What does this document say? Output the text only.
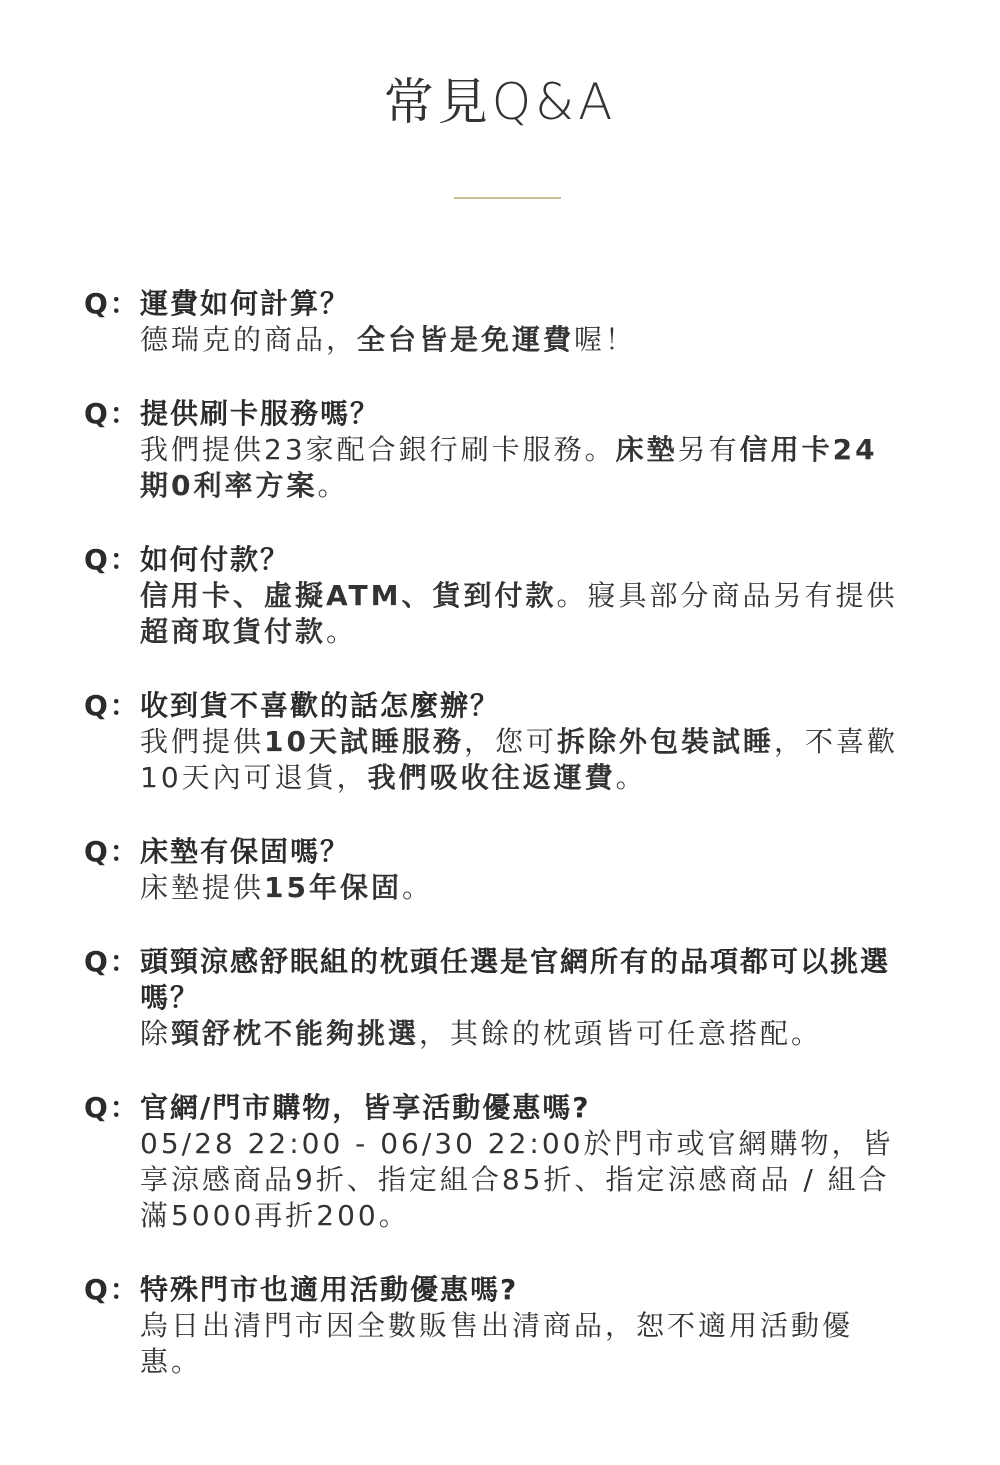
常見Q&A
Q： 運費如何計算？
德瑞克的商品，全台皆是免運費喔！
Q： 提供刷卡服務嗎？
我們提供23家配合銀行刷卡服務。床墊另有信用卡24期0利率方案。
Q： 如何付款？
信用卡、虛擬ATM、貨到付款。寢具部分商品另有提供超商取貨付款。
Q： 收到貨不喜歡的話怎麼辦？
我們提供10天試睡服務，您可拆除外包裝試睡，不喜歡10天內可退貨，我們吸收往返運費。
Q： 床墊有保固嗎？
床墊提供15年保固。
Q： 頭頸涼感舒眠組的枕頭任選是官網所有的品項都可以挑選嗎？
除頸舒枕不能夠挑選，其餘的枕頭皆可任意搭配。
Q： 官網/門市購物，皆享活動優惠嗎?
05/28 22:00 - 06/30 22:00於門市或官網購物，皆享涼感商品9折、指定組合85折、指定涼感商品 / 組合滿5000再折200。
Q： 特殊門市也適用活動優惠嗎?
烏日出清門市因全數販售出清商品，恕不適用活動優惠。
